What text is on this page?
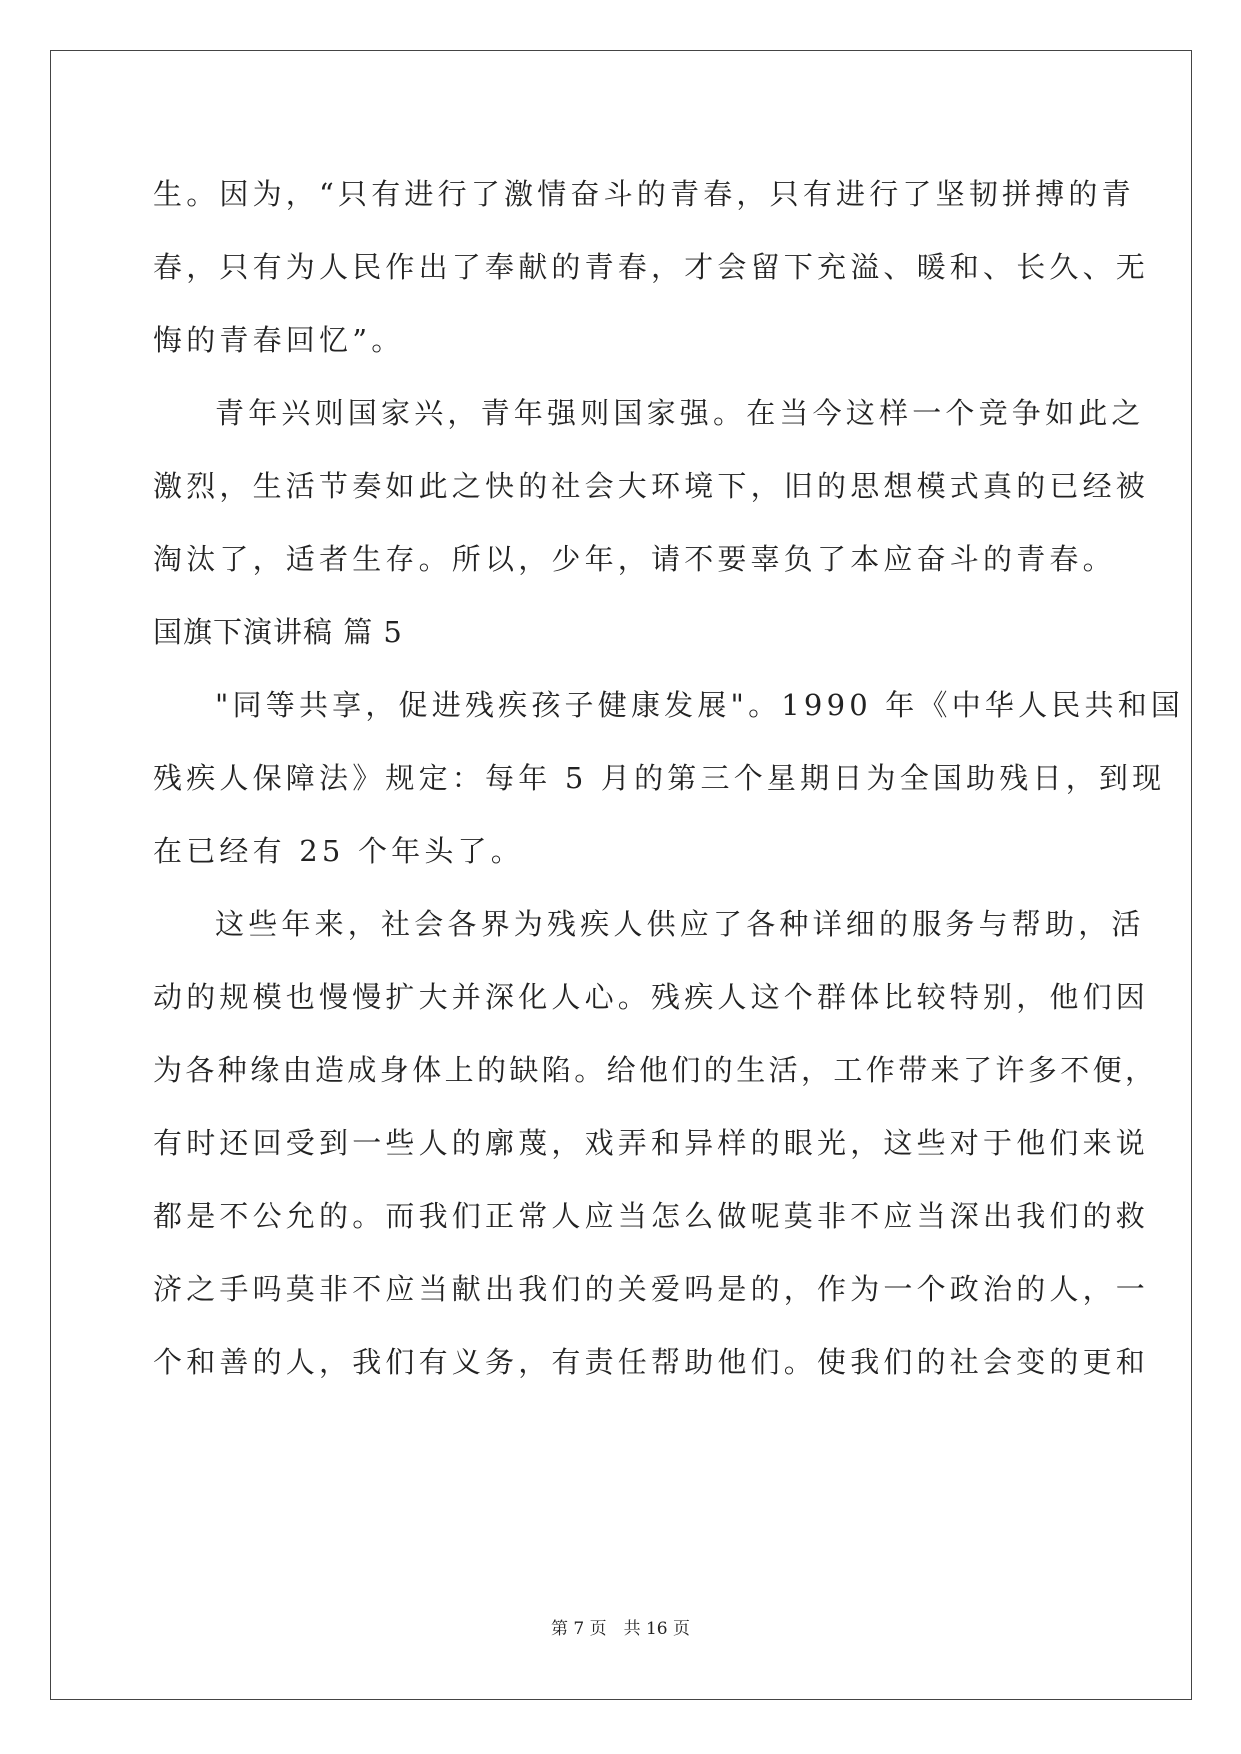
生。因为，“只有进行了激情奋斗的青春，只有进行了坚韧拼搏的青
春，只有为人民作出了奉献的青春，才会留下充溢、暖和、长久、无
悔的青春回忆”。
青年兴则国家兴，青年强则国家强。在当今这样一个竞争如此之
激烈，生活节奏如此之快的社会大环境下，旧的思想模式真的已经被
淘汰了，适者生存。所以，少年，请不要辜负了本应奋斗的青春。
国旗下演讲稿 篇 5
"同等共享，促进残疾孩子健康发展"。1990 年《中华人民共和国
残疾人保障法》规定：每年 5 月的第三个星期日为全国助残日，到现
在已经有 25 个年头了。
这些年来，社会各界为残疾人供应了各种详细的服务与帮助，活
动的规模也慢慢扩大并深化人心。残疾人这个群体比较特别，他们因
为各种缘由造成身体上的缺陷。给他们的生活，工作带来了许多不便，
有时还回受到一些人的廓蔑，戏弄和异样的眼光，这些对于他们来说
都是不公允的。而我们正常人应当怎么做呢莫非不应当深出我们的救
济之手吗莫非不应当献出我们的关爱吗是的，作为一个政治的人，一
个和善的人，我们有义务，有责任帮助他们。使我们的社会变的更和
第 7 页　共 16 页
